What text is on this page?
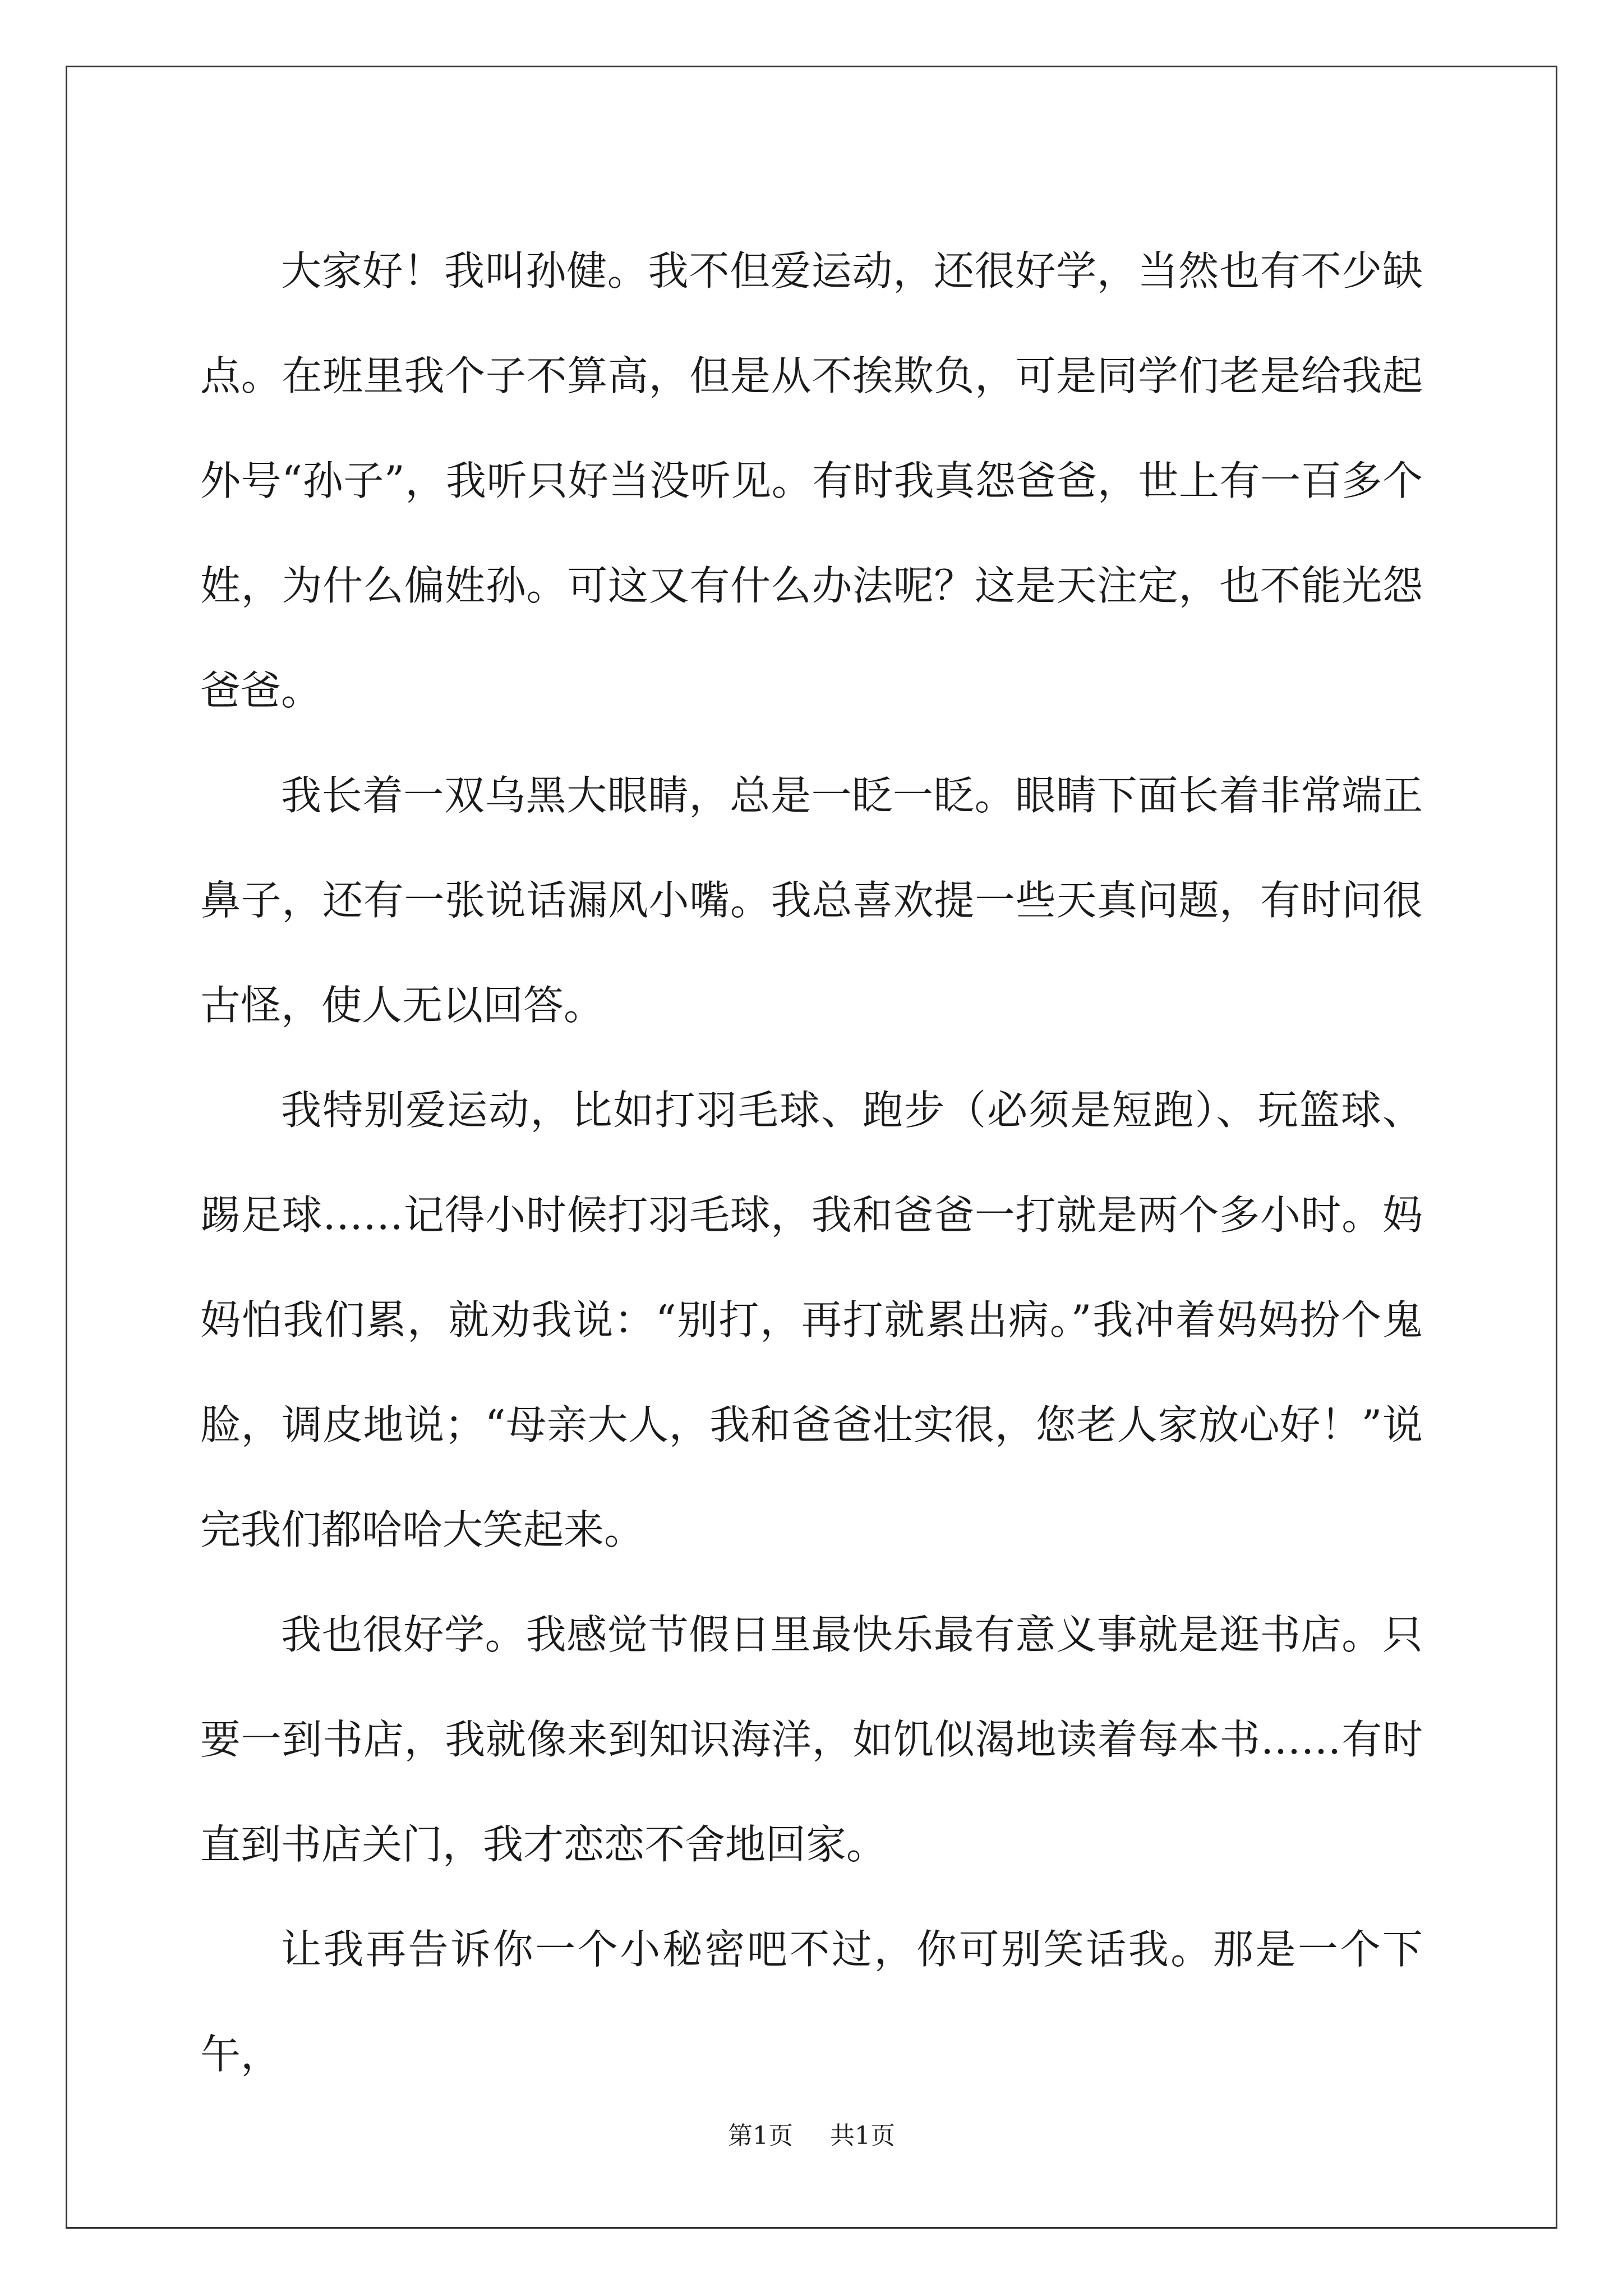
大家好！我叫孙健。我不但爱运动，还很好学，当然也有不少缺点。在班里我个子不算高，但是从不挨欺负，可是同学们老是给我起外号“孙子”，我听只好当没听见。有时我真怨爸爸，世上有一百多个姓，为什么偏姓孙。可这又有什么办法呢？这是天注定，也不能光怨爸爸。

我长着一双乌黑大眼睛，总是一眨一眨。眼睛下面长着非常端正鼻子，还有一张说话漏风小嘴。我总喜欢提一些天真问题，有时问很古怪，使人无以回答。

我特别爱运动，比如打羽毛球、跑步（必须是短跑）、玩篮球、踢足球……记得小时候打羽毛球，我和爸爸一打就是两个多小时。妈妈怕我们累，就劝我说：“别打，再打就累出病。”我冲着妈妈扮个鬼脸，调皮地说；“母亲大人，我和爸爸壮实很，您老人家放心好！”说完我们都哈哈大笑起来。

我也很好学。我感觉节假日里最快乐最有意义事就是逛书店。只要一到书店，我就像来到知识海洋，如饥似渴地读着每本书……有时直到书店关门，我才恋恋不舍地回家。

让我再告诉你一个小秘密吧不过，你可别笑话我。那是一个下午，

第1页 共1页
